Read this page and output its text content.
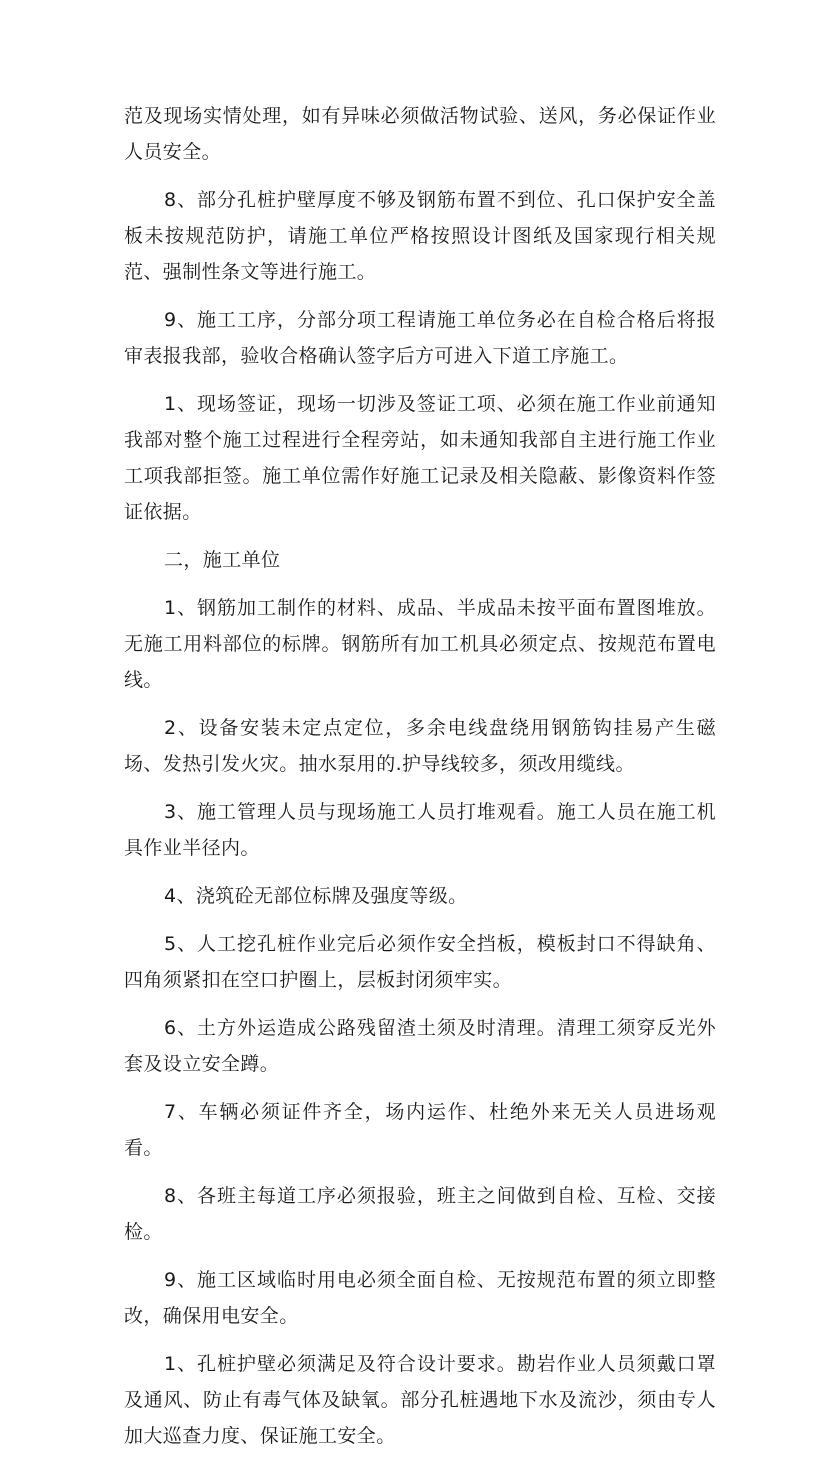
范及现场实情处理，如有异味必须做活物试验、送风，务必保证作业人员安全。

8、部分孔桩护壁厚度不够及钢筋布置不到位、孔口保护安全盖板未按规范防护，请施工单位严格按照设计图纸及国家现行相关规范、强制性条文等进行施工。

9、施工工序，分部分项工程请施工单位务必在自检合格后将报审表报我部，验收合格确认签字后方可进入下道工序施工。

1、现场签证，现场一切涉及签证工项、必须在施工作业前通知我部对整个施工过程进行全程旁站，如未通知我部自主进行施工作业工项我部拒签。施工单位需作好施工记录及相关隐蔽、影像资料作签证依据。

二，施工单位

1、钢筋加工制作的材料、成品、半成品未按平面布置图堆放。无施工用料部位的标牌。钢筋所有加工机具必须定点、按规范布置电线。

2、设备安装未定点定位，多余电线盘绕用钢筋钩挂易产生磁场、发热引发火灾。抽水泵用的.护导线较多，须改用缆线。

3、施工管理人员与现场施工人员打堆观看。施工人员在施工机具作业半径内。

4、浇筑砼无部位标牌及强度等级。

5、人工挖孔桩作业完后必须作安全挡板，模板封口不得缺角、四角须紧扣在空口护圈上，层板封闭须牢实。

6、土方外运造成公路残留渣土须及时清理。清理工须穿反光外套及设立安全蹲。

7、车辆必须证件齐全，场内运作、杜绝外来无关人员进场观看。

8、各班主每道工序必须报验，班主之间做到自检、互检、交接检。

9、施工区域临时用电必须全面自检、无按规范布置的须立即整改，确保用电安全。

1、孔桩护壁必须满足及符合设计要求。勘岩作业人员须戴口罩及通风、防止有毒气体及缺氧。部分孔桩遇地下水及流沙，须由专人加大巡查力度、保证施工安全。
